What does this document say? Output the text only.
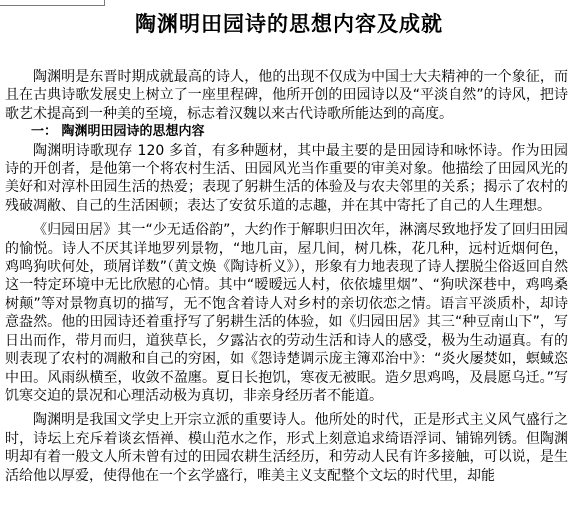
陶渊明田园诗的思想内容及成就

陶渊明是东晋时期成就最高的诗人，他的出现不仅成为中国士大夫精神的一个象征，而且在古典诗歌发展史上树立了一座里程碑，他所开创的田园诗以及“平淡自然”的诗风，把诗歌艺术提高到一种美的至境，标志着汉魏以来古代诗歌所能达到的高度。

一： 陶渊明田园诗的思想内容

陶渊明诗歌现存 120 多首，有多种题材，其中最主要的是田园诗和咏怀诗。作为田园诗的开创者，是他第一个将农村生活、田园风光当作重要的审美对象。他描绘了田园风光的美好和对淳朴田园生活的热爱；表现了躬耕生活的体验及与农夫邻里的关系；揭示了农村的残破凋敝、自己的生活困顿；表达了安贫乐道的志趣，并在其中寄托了自己的人生理想。

《归园田居》其一“少无适俗韵”，大约作于解职归田次年，淋漓尽致地抒发了回归田园的愉悦。诗人不厌其详地罗列景物，“地几亩，屋几间，树几株，花几种，远村近烟何色，鸡鸣狗吠何处，琐屑详数”（黄文焕《陶诗析义》），形象有力地表现了诗人摆脱尘俗返回自然这一特定环境中无比欣慰的心情。其中“暧暧远人村，依依墟里烟”、“狗吠深巷中，鸡鸣桑树颠”等对景物真切的描写，无不饱含着诗人对乡村的亲切依恋之情。语言平淡质朴，却诗意盎然。他的田园诗还着重抒写了躬耕生活的体验，如《归园田居》其三“种豆南山下”，写日出而作，带月而归，道狭草长，夕露沾衣的劳动生活和诗人的感受，极为生动逼真。有的则表现了农村的凋敝和自己的穷困，如《怨诗楚调示庞主簿邓治中》：“炎火屡焚如，螟蜮恣中田。风雨纵横至，收敛不盈廛。夏日长抱饥，寒夜无被眠。造夕思鸡鸣，及晨愿乌迁。”写饥寒交迫的景况和心理活动极为真切，非亲身经历者不能道。

陶渊明是我国文学史上开宗立派的重要诗人。他所处的时代，正是形式主义风气盛行之时，诗坛上充斥着谈玄悟禅、模山范水之作，形式上刻意追求绮语浮词、铺锦列锈。但陶渊明却有着一般文人所未曾有过的田园农耕生活经历，和劳动人民有许多接触，可以说，是生活给他以厚爱，使得他在一个玄学盛行，唯美主义支配整个文坛的时代里，却能
